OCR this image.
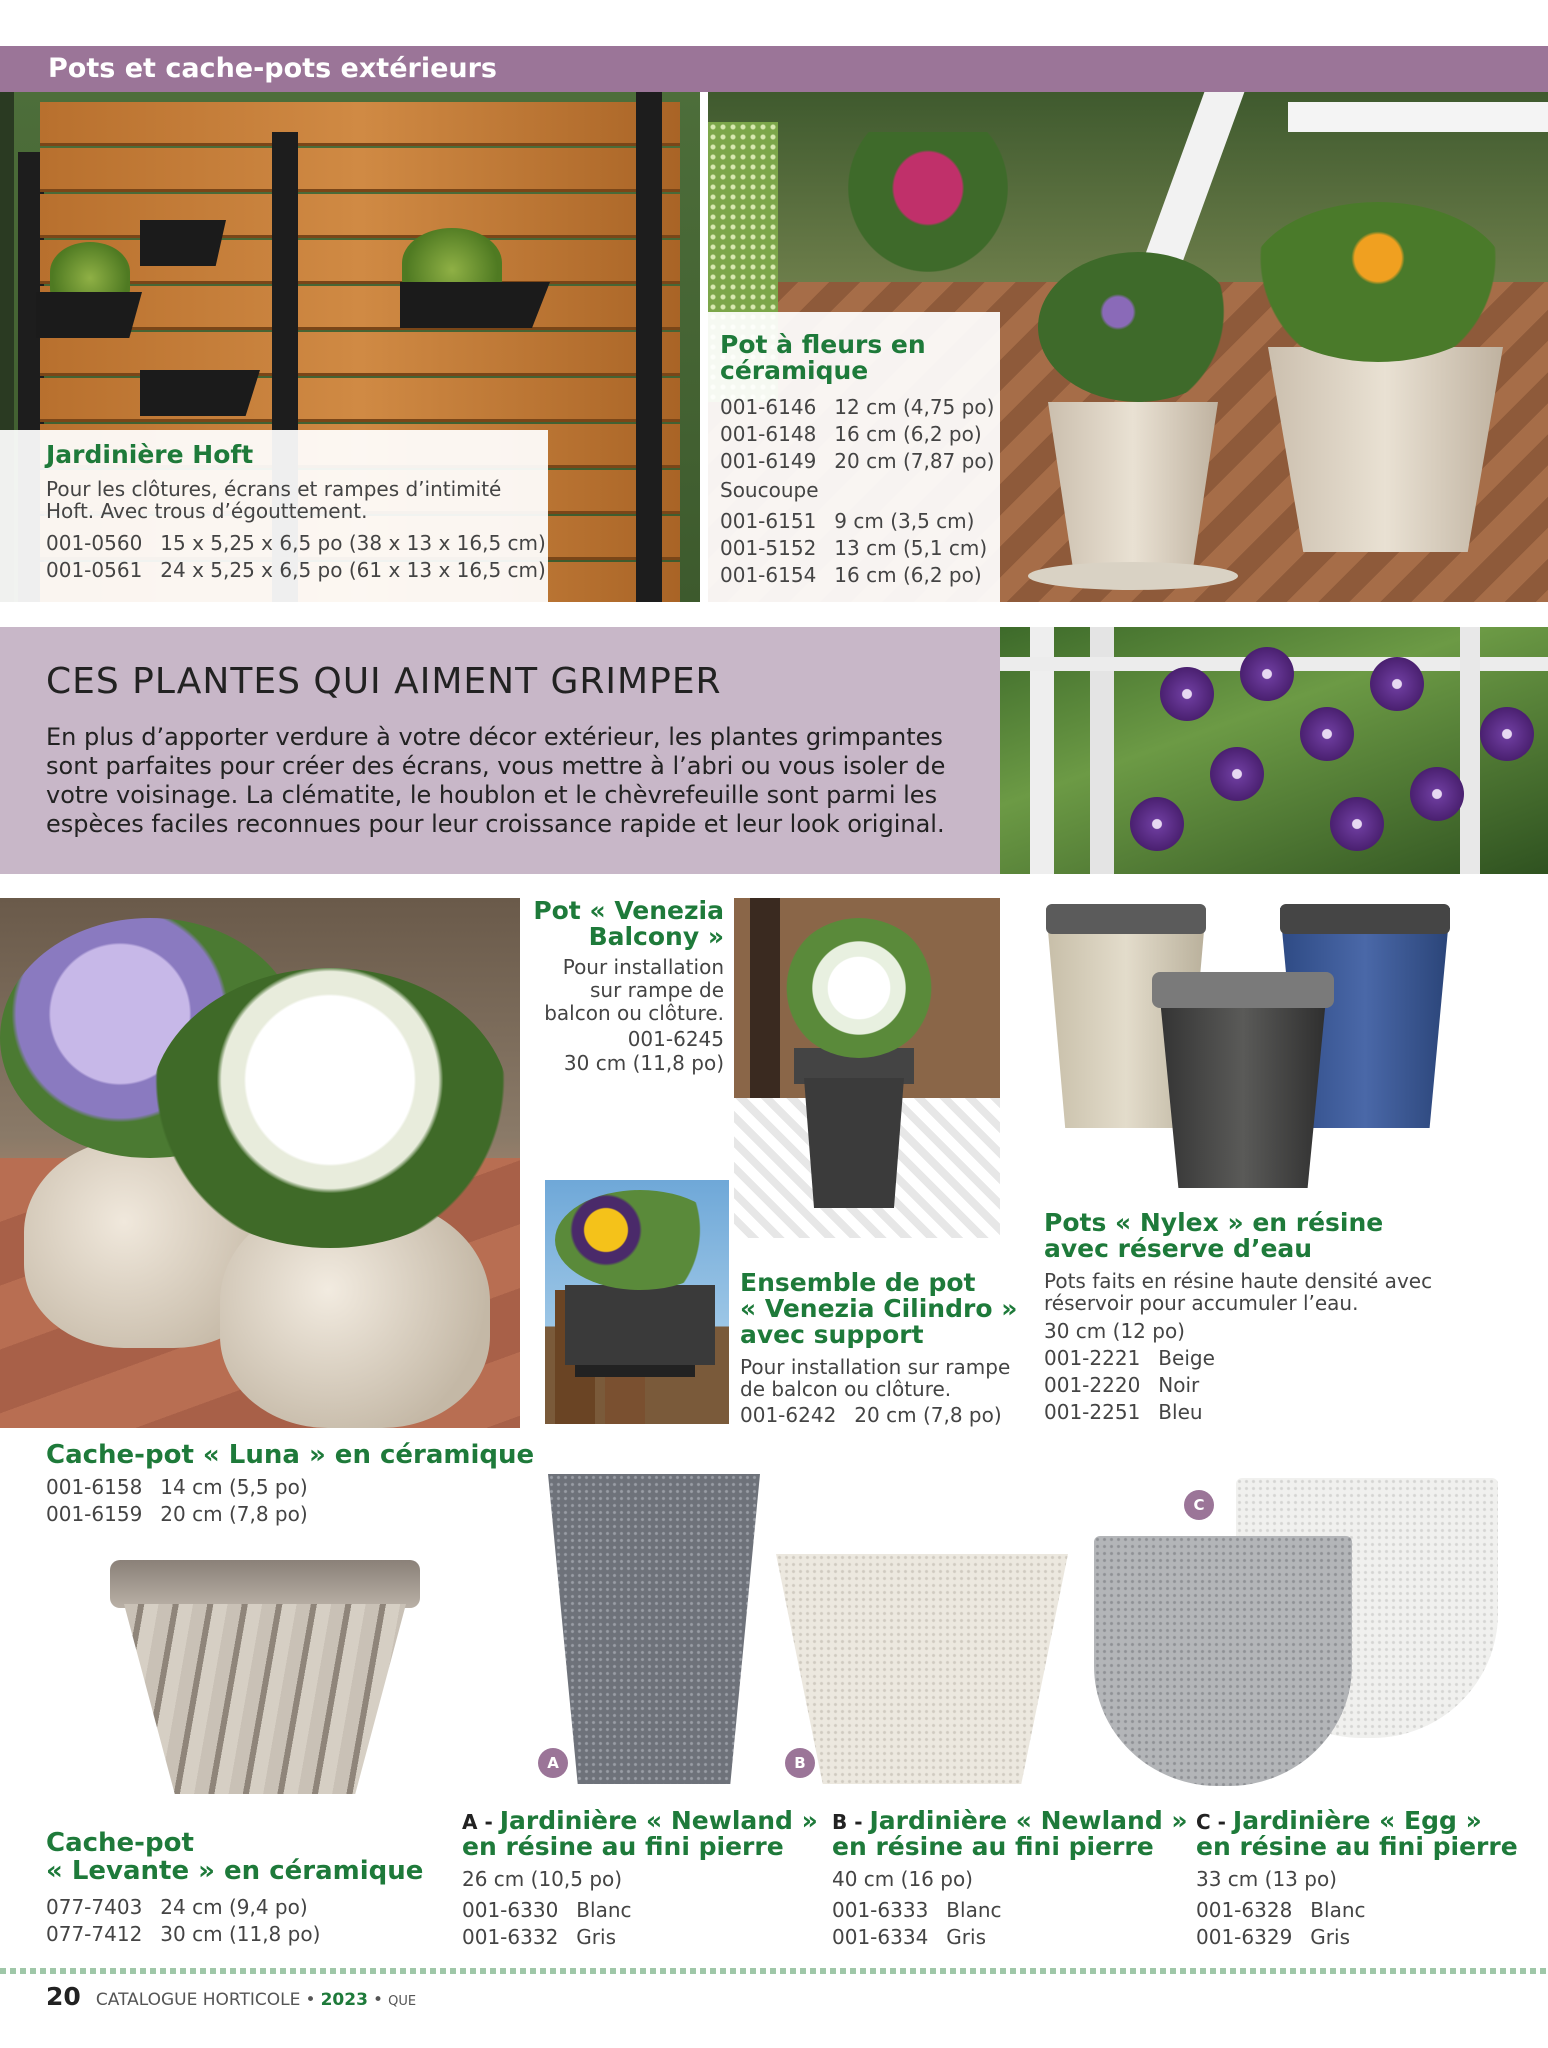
Pots et cache-pots extérieurs
Jardinière Hoft
Pour les clôtures, écrans et rampes d’intimité
Hoft. Avec trous d’égouttement.
001-0560 15 x 5,25 x 6,5 po (38 x 13 x 16,5 cm)
001-0561 24 x 5,25 x 6,5 po (61 x 13 x 16,5 cm)
Pot à fleurs en
céramique
001-6146 12 cm (4,75 po)
001-6148 16 cm (6,2 po)
001-6149 20 cm (7,87 po)
Soucoupe
001-6151 9 cm (3,5 cm)
001-5152 13 cm (5,1 cm)
001-6154 16 cm (6,2 po)
CES PLANTES QUI AIMENT GRIMPER
En plus d’apporter verdure à votre décor extérieur, les plantes grimpantes
sont parfaites pour créer des écrans, vous mettre à l’abri ou vous isoler de
votre voisinage. La clématite, le houblon et le chèvrefeuille sont parmi les
espèces faciles reconnues pour leur croissance rapide et leur look original.
Pot « Venezia
Balcony »
Pour installation
sur rampe de
balcon ou clôture.
001-6245
30 cm (11,8 po)
Ensemble de pot
« Venezia Cilindro »
avec support
Pour installation sur rampe
de balcon ou clôture.
001-6242 20 cm (7,8 po)
Pots « Nylex » en résine
avec réserve d’eau
Pots faits en résine haute densité avec
réservoir pour accumuler l’eau.
30 cm (12 po)
001-2221 Beige
001-2220 Noir
001-2251 Bleu
Cache-pot « Luna » en céramique
001-6158 14 cm (5,5 po)
001-6159 20 cm (7,8 po)
Cache-pot
« Levante » en céramique
077-7403 24 cm (9,4 po)
077-7412 30 cm (11,8 po)
A	B
C
A - Jardinière « Newland »
en résine au fini pierre
26 cm (10,5 po)
001-6330 Blanc
001-6332 Gris
B - Jardinière « Newland »
en résine au fini pierre
40 cm (16 po)
001-6333 Blanc
001-6334 Gris
C - Jardinière « Egg »
en résine au fini pierre
33 cm (13 po)
001-6328 Blanc
001-6329 Gris
20 CATALOGUE HORTICOLE • 2023 • QUE
